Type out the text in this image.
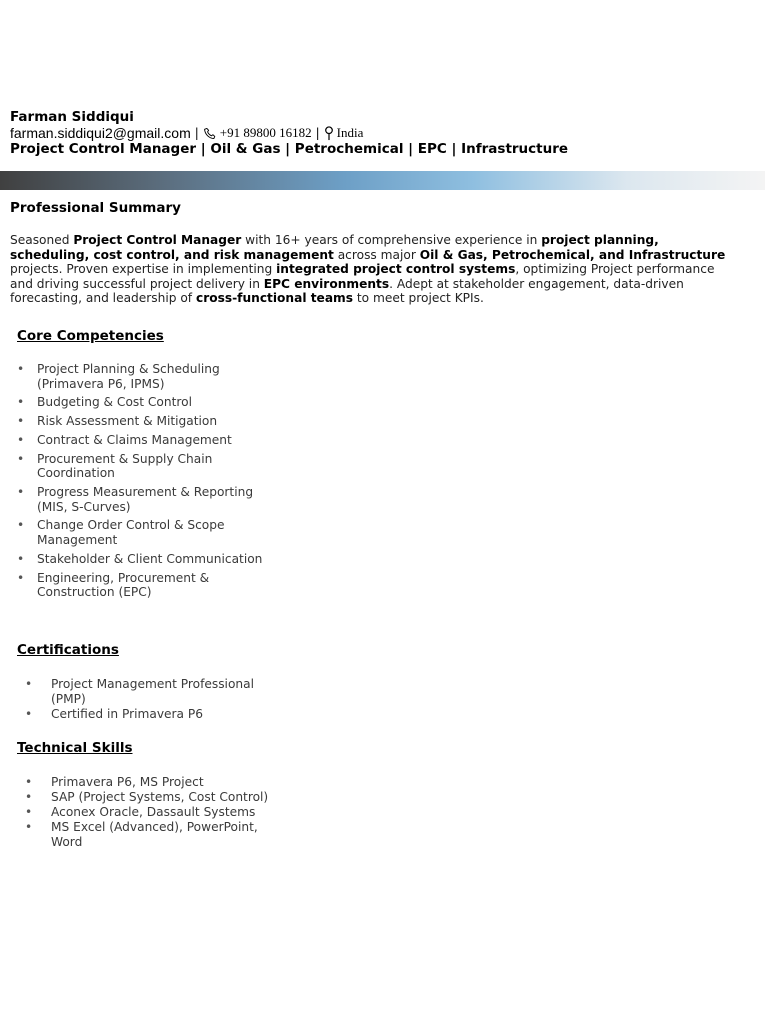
Farman Siddiqui
farman.siddiqui2@gmail.com | +91 89800 16182 | India
Project Control Manager | Oil & Gas | Petrochemical | EPC | Infrastructure
Professional Summary
Seasoned Project Control Manager with 16+ years of comprehensive experience in project planning, scheduling, cost control, and risk management across major Oil & Gas, Petrochemical, and Infrastructure projects. Proven expertise in implementing integrated project control systems, optimizing Project performance and driving successful project delivery in EPC environments. Adept at stakeholder engagement, data-driven forecasting, and leadership of cross-functional teams to meet project KPIs.
Core Competencies
• Project Planning & Scheduling (Primavera P6, IPMS)
• Budgeting & Cost Control
• Risk Assessment & Mitigation
• Contract & Claims Management
• Procurement & Supply Chain Coordination
• Progress Measurement & Reporting (MIS, S-Curves)
• Change Order Control & Scope Management
• Stakeholder & Client Communication
• Engineering, Procurement & Construction (EPC)
Certifications
• Project Management Professional (PMP)
• Certified in Primavera P6
Technical Skills
• Primavera P6, MS Project
• SAP (Project Systems, Cost Control)
• Aconex Oracle, Dassault Systems
• MS Excel (Advanced), PowerPoint, Word
